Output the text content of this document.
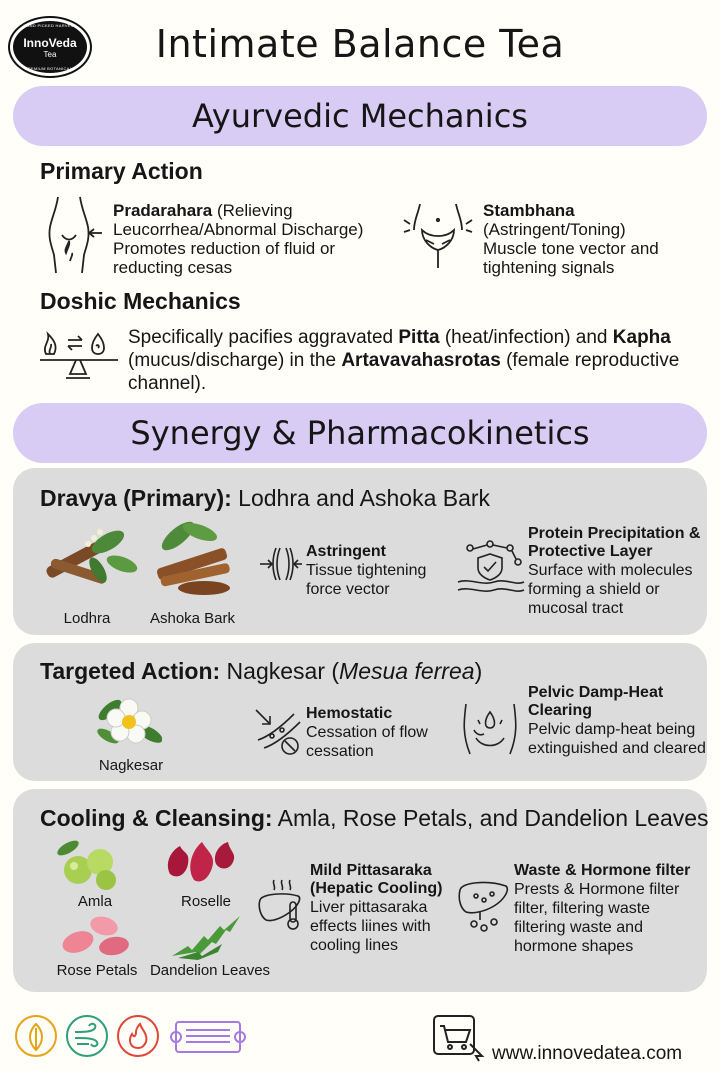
InnoVeda
Tea
HAND PICKED HARVEST
PREMIUM BOTANICALS
Intimate Balance Tea
Ayurvedic Mechanics
Primary Action
Pradarahara (Relieving Leucorrhea/Abnormal Discharge)
Promotes reduction of fluid or reducting cesas
Stambhana
(Astringent/Toning)
Muscle tone vector and tightening signals
Doshic Mechanics
Specifically pacifies aggravated Pitta (heat/infection) and Kapha (mucus/discharge) in the Artavavahasrotas (female reproductive channel).
Synergy & Pharmacokinetics
Dravya (Primary): Lodhra and Ashoka Bark
Lodhra	Ashoka Bark
Astringent
Tissue tightening force vector
Protein Precipitation & Protective Layer
Surface with molecules forming a shield or mucosal tract
Targeted Action: Nagkesar (Mesua ferrea)
Nagkesar
Hemostatic
Cessation of flow cessation
Pelvic Damp-Heat Clearing
Pelvic damp-heat being extinguished and cleared
Cooling & Cleansing: Amla, Rose Petals, and Dandelion Leaves
Amla	Roselle
Rose Petals Dandelion Leaves
Mild Pittasaraka (Hepatic Cooling)
Liver pittasaraka effects liines with cooling lines
Waste & Hormone filter
Prests & Hormone filter filter, filtering waste filtering waste and hormone shapes
www.innovedatea.com
